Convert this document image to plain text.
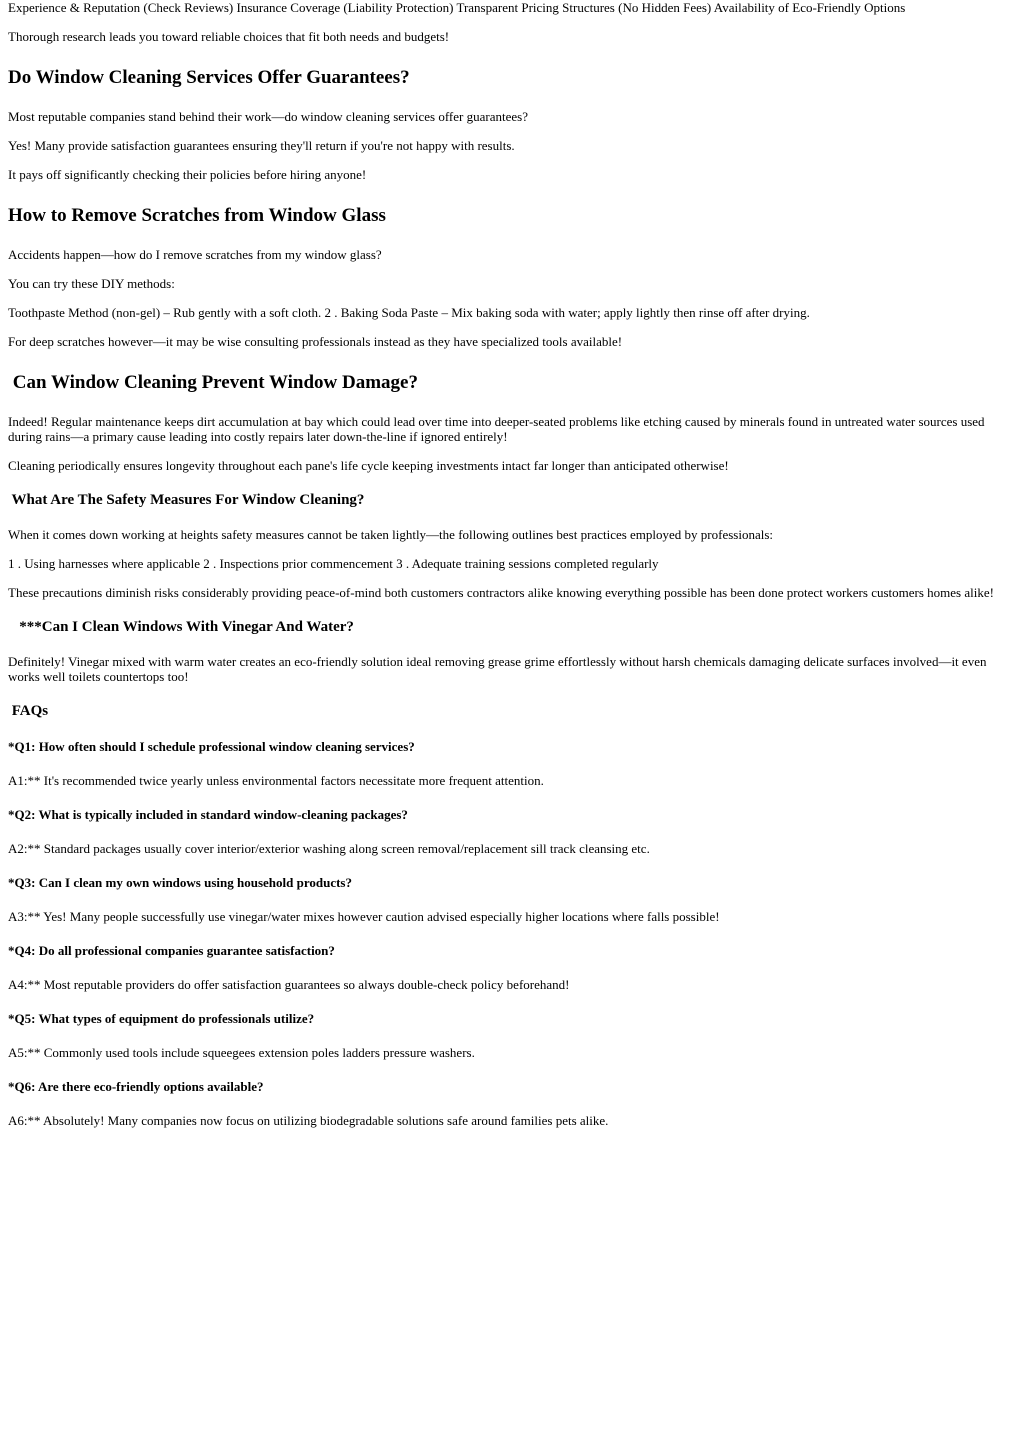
Experience & Reputation (Check Reviews) Insurance Coverage (Liability Protection) Transparent Pricing Structures (No Hidden Fees) Availability of Eco-Friendly Options

Thorough research leads you toward reliable choices that fit both needs and budgets!

Do Window Cleaning Services Offer Guarantees?

Most reputable companies stand behind their work—do window cleaning services offer guarantees?

Yes! Many provide satisfaction guarantees ensuring they'll return if you're not happy with results.

It pays off significantly checking their policies before hiring anyone!

How to Remove Scratches from Window Glass

Accidents happen—how do I remove scratches from my window glass?

You can try these DIY methods:

Toothpaste Method (non-gel) – Rub gently with a soft cloth. 2 . Baking Soda Paste – Mix baking soda with water; apply lightly then rinse off after drying.

For deep scratches however—it may be wise consulting professionals instead as they have specialized tools available!

Can Window Cleaning Prevent Window Damage?

Indeed! Regular maintenance keeps dirt accumulation at bay which could lead over time into deeper-seated problems like etching caused by minerals found in untreated water sources used during rains—a primary cause leading into costly repairs later down-the-line if ignored entirely!

Cleaning periodically ensures longevity throughout each pane's life cycle keeping investments intact far longer than anticipated otherwise!

What Are The Safety Measures For Window Cleaning?

When it comes down working at heights safety measures cannot be taken lightly—the following outlines best practices employed by professionals:

1 . Using harnesses where applicable 2 . Inspections prior commencement 3 . Adequate training sessions completed regularly

These precautions diminish risks considerably providing peace-of-mind both customers contractors alike knowing everything possible has been done protect workers customers homes alike!

***Can I Clean Windows With Vinegar And Water?

Definitely! Vinegar mixed with warm water creates an eco-friendly solution ideal removing grease grime effortlessly without harsh chemicals damaging delicate surfaces involved—it even works well toilets countertops too!

FAQs
*Q1: How often should I schedule professional window cleaning services?

A1:** It's recommended twice yearly unless environmental factors necessitate more frequent attention.

*Q2: What is typically included in standard window-cleaning packages?

A2:** Standard packages usually cover interior/exterior washing along screen removal/replacement sill track cleansing etc.

*Q3: Can I clean my own windows using household products?

A3:** Yes! Many people successfully use vinegar/water mixes however caution advised especially higher locations where falls possible!

*Q4: Do all professional companies guarantee satisfaction?

A4:** Most reputable providers do offer satisfaction guarantees so always double-check policy beforehand!

*Q5: What types of equipment do professionals utilize?

A5:** Commonly used tools include squeegees extension poles ladders pressure washers.

*Q6: Are there eco-friendly options available?

A6:** Absolutely! Many companies now focus on utilizing biodegradable solutions safe around families pets alike.
